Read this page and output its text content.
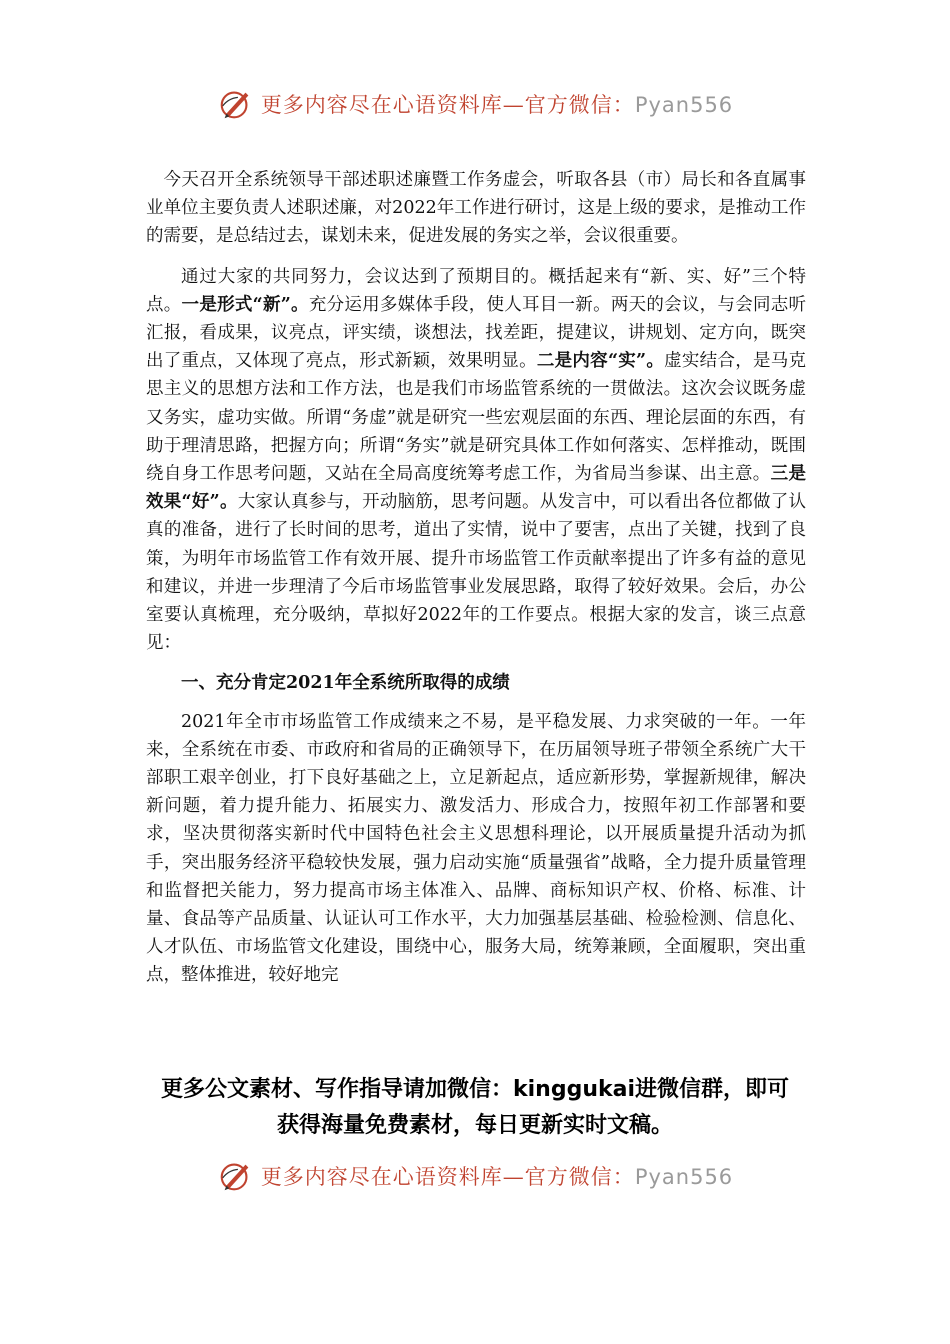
更多内容尽在心语资料库—官方微信：Pyan556

今天召开全系统领导干部述职述廉暨工作务虚会，听取各县（市）局长和各直属事业单位主要负责人述职述廉，对2022年工作进行研讨，这是上级的要求，是推动工作的需要，是总结过去，谋划未来，促进发展的务实之举，会议很重要。

通过大家的共同努力，会议达到了预期目的。概括起来有“新、实、好”三个特点。一是形式“新”。充分运用多媒体手段，使人耳目一新。两天的会议，与会同志听汇报，看成果，议亮点，评实绩，谈想法，找差距，提建议，讲规划、定方向，既突出了重点，又体现了亮点，形式新颖，效果明显。二是内容“实”。虚实结合，是马克思主义的思想方法和工作方法，也是我们市场监管系统的一贯做法。这次会议既务虚又务实，虚功实做。所谓“务虚”就是研究一些宏观层面的东西、理论层面的东西，有助于理清思路，把握方向；所谓“务实”就是研究具体工作如何落实、怎样推动，既围绕自身工作思考问题，又站在全局高度统筹考虑工作，为省局当参谋、出主意。三是效果“好”。大家认真参与，开动脑筋，思考问题。从发言中，可以看出各位都做了认真的准备，进行了长时间的思考，道出了实情，说中了要害，点出了关键，找到了良策，为明年市场监管工作有效开展、提升市场监管工作贡献率提出了许多有益的意见和建议，并进一步理清了今后市场监管事业发展思路，取得了较好效果。会后，办公室要认真梳理，充分吸纳，草拟好2022年的工作要点。根据大家的发言，谈三点意见：

一、充分肯定2021年全系统所取得的成绩

2021年全市市场监管工作成绩来之不易，是平稳发展、力求突破的一年。一年来，全系统在市委、市政府和省局的正确领导下，在历届领导班子带领全系统广大干部职工艰辛创业，打下良好基础之上，立足新起点，适应新形势，掌握新规律，解决新问题，着力提升能力、拓展实力、激发活力、形成合力，按照年初工作部署和要求，坚决贯彻落实新时代中国特色社会主义思想科理论，以开展质量提升活动为抓手，突出服务经济平稳较快发展，强力启动实施“质量强省”战略，全力提升质量管理和监督把关能力，努力提高市场主体准入、品牌、商标知识产权、价格、标准、计量、食品等产品质量、认证认可工作水平，大力加强基层基础、检验检测、信息化、人才队伍、市场监管文化建设，围绕中心，服务大局，统筹兼顾，全面履职，突出重点，整体推进，较好地完

更多公文素材、写作指导请加微信：kinggukai进微信群，即可
获得海量免费素材，每日更新实时文稿。
更多内容尽在心语资料库—官方微信：Pyan556
